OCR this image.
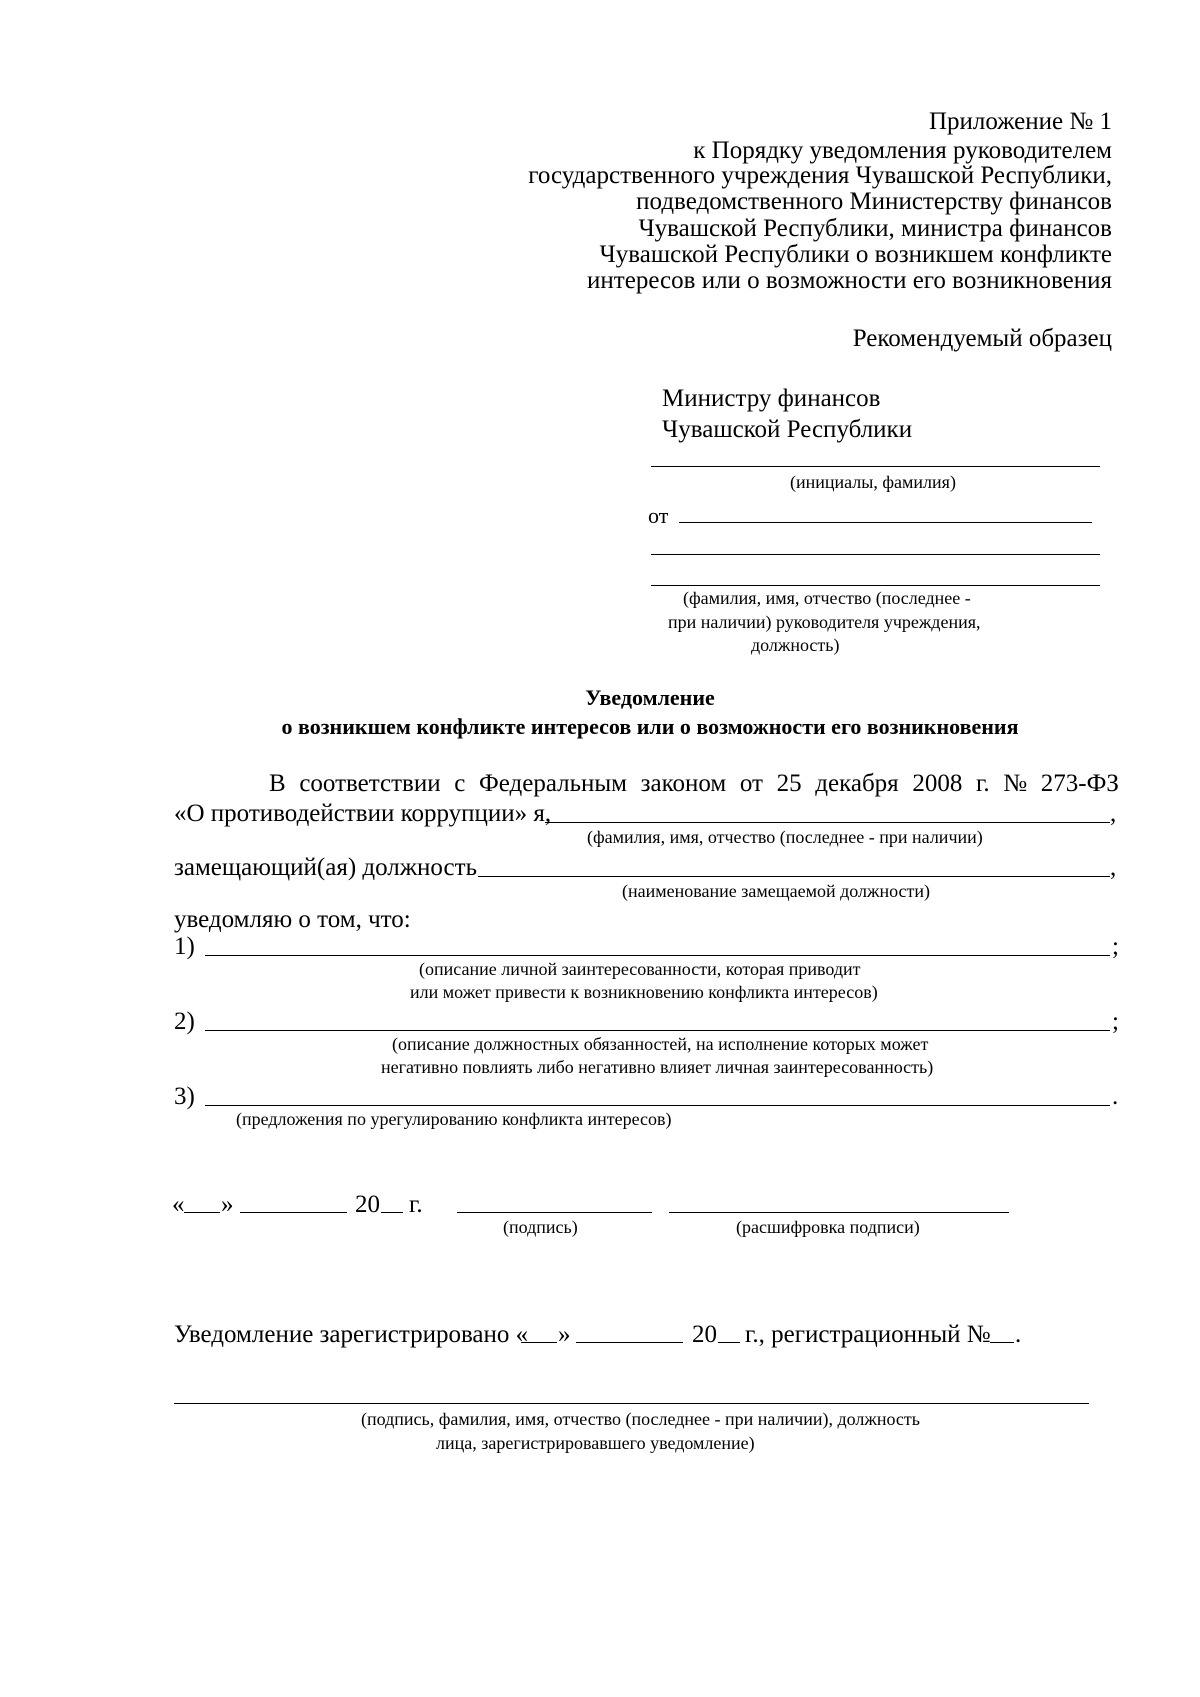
Приложение № 1
к Порядку уведомления руководителем
государственного учреждения Чувашской Республики,
подведомственного Министерству финансов
Чувашской Республики, министра финансов
Чувашской Республики о возникшем конфликте
интересов или о возможности его возникновения
Рекомендуемый образец
Министру финансов
Чувашской Республики
(инициалы, фамилия)
от
(фамилия, имя, отчество (последнее -
при наличии) руководителя учреждения,
должность)
Уведомление
о возникшем конфликте интересов или о возможности его возникновения
В соответствии с Федеральным законом от 25 декабря 2008 г. № 273-ФЗ
«О противодействии коррупции» я,	,
(фамилия, имя, отчество (последнее - при наличии)
замещающий(ая) должность	,
(наименование замещаемой должности)
уведомляю о том, что:
1)	;
(описание личной заинтересованности, которая приводит
или может привести к возникновению конфликта интересов)
2)	;
(описание должностных обязанностей, на исполнение которых может
негативно повлиять либо негативно влияет личная заинтересованность)
3)	.
(предложения по урегулированию конфликта интересов)
« »	20 г.
(подпись)	(расшифровка подписи)
Уведомление зарегистрировано « »	20 г., регистрационный № .
(подпись, фамилия, имя, отчество (последнее - при наличии), должность
лица, зарегистрировавшего уведомление)
